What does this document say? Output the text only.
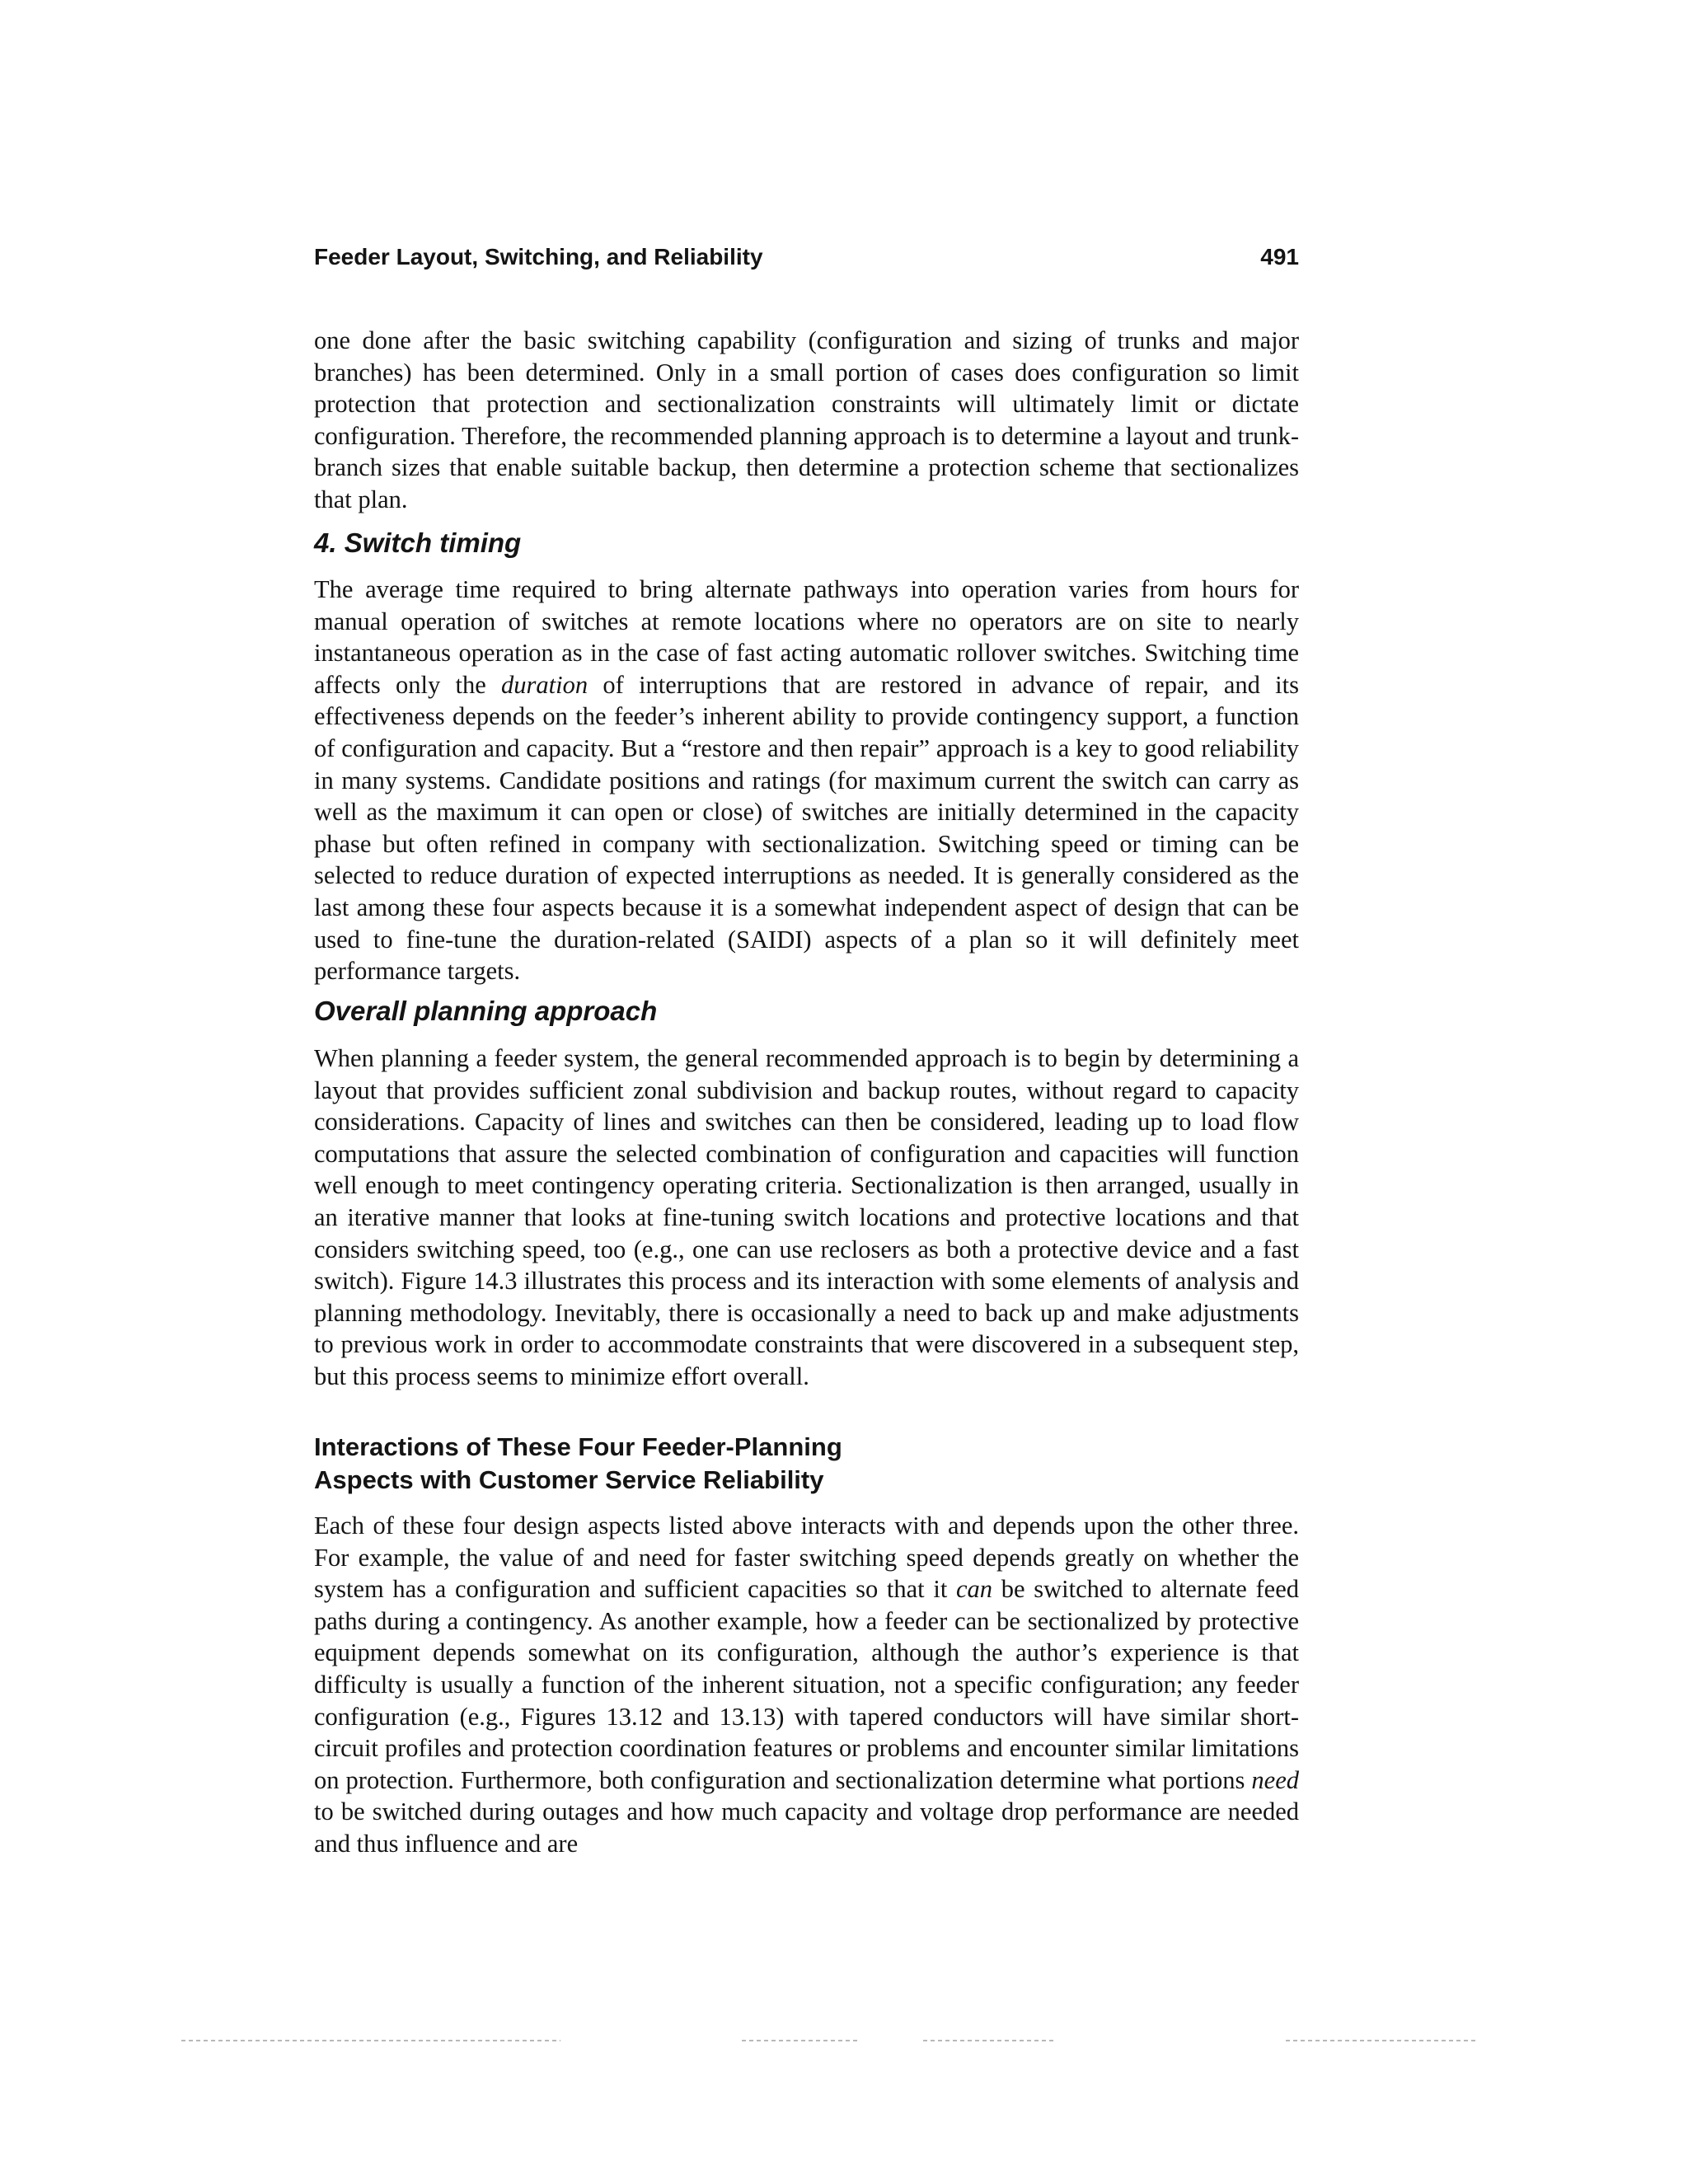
Feeder Layout, Switching, and Reliability	491

one done after the basic switching capability (configuration and sizing of trunks and major branches) has been determined. Only in a small portion of cases does configuration so limit protection that protection and sectionalization constraints will ultimately limit or dictate configuration. Therefore, the recommended planning approach is to determine a layout and trunk-branch sizes that enable suitable backup, then determine a protection scheme that sectionalizes that plan.

4. Switch timing

The average time required to bring alternate pathways into operation varies from hours for manual operation of switches at remote locations where no operators are on site to nearly instantaneous operation as in the case of fast acting automatic rollover switches. Switching time affects only the duration of interruptions that are restored in advance of repair, and its effectiveness depends on the feeder’s inherent ability to provide contingency support, a function of configuration and capacity. But a “restore and then repair” approach is a key to good reliability in many systems. Candidate positions and ratings (for maximum current the switch can carry as well as the maximum it can open or close) of switches are initially determined in the capacity phase but often refined in company with sectionalization. Switching speed or timing can be selected to reduce duration of expected interruptions as needed. It is generally considered as the last among these four aspects because it is a somewhat independent aspect of design that can be used to fine-tune the duration-related (SAIDI) aspects of a plan so it will definitely meet performance targets.

Overall planning approach

When planning a feeder system, the general recommended approach is to begin by determining a layout that provides sufficient zonal subdivision and backup routes, without regard to capacity considerations. Capacity of lines and switches can then be considered, leading up to load flow computations that assure the selected combination of configuration and capacities will function well enough to meet contingency operating criteria. Sectionalization is then arranged, usually in an iterative manner that looks at fine-tuning switch locations and protective locations and that considers switching speed, too (e.g., one can use reclosers as both a protective device and a fast switch). Figure 14.3 illustrates this process and its interaction with some elements of analysis and planning methodology. Inevitably, there is occasionally a need to back up and make adjustments to previous work in order to accommodate constraints that were discovered in a subsequent step, but this process seems to minimize effort overall.

Interactions of These Four Feeder-Planning
Aspects with Customer Service Reliability

Each of these four design aspects listed above interacts with and depends upon the other three. For example, the value of and need for faster switching speed depends greatly on whether the system has a configuration and sufficient capacities so that it can be switched to alternate feed paths during a contingency. As another example, how a feeder can be sectionalized by protective equipment depends somewhat on its configuration, although the author’s experience is that difficulty is usually a function of the inherent situation, not a specific configuration; any feeder configuration (e.g., Figures 13.12 and 13.13) with tapered conductors will have similar short-circuit profiles and protection coordination features or problems and encounter similar limitations on protection. Furthermore, both configuration and sectionalization determine what portions need to be switched during outages and how much capacity and voltage drop performance are needed and thus influence and are
